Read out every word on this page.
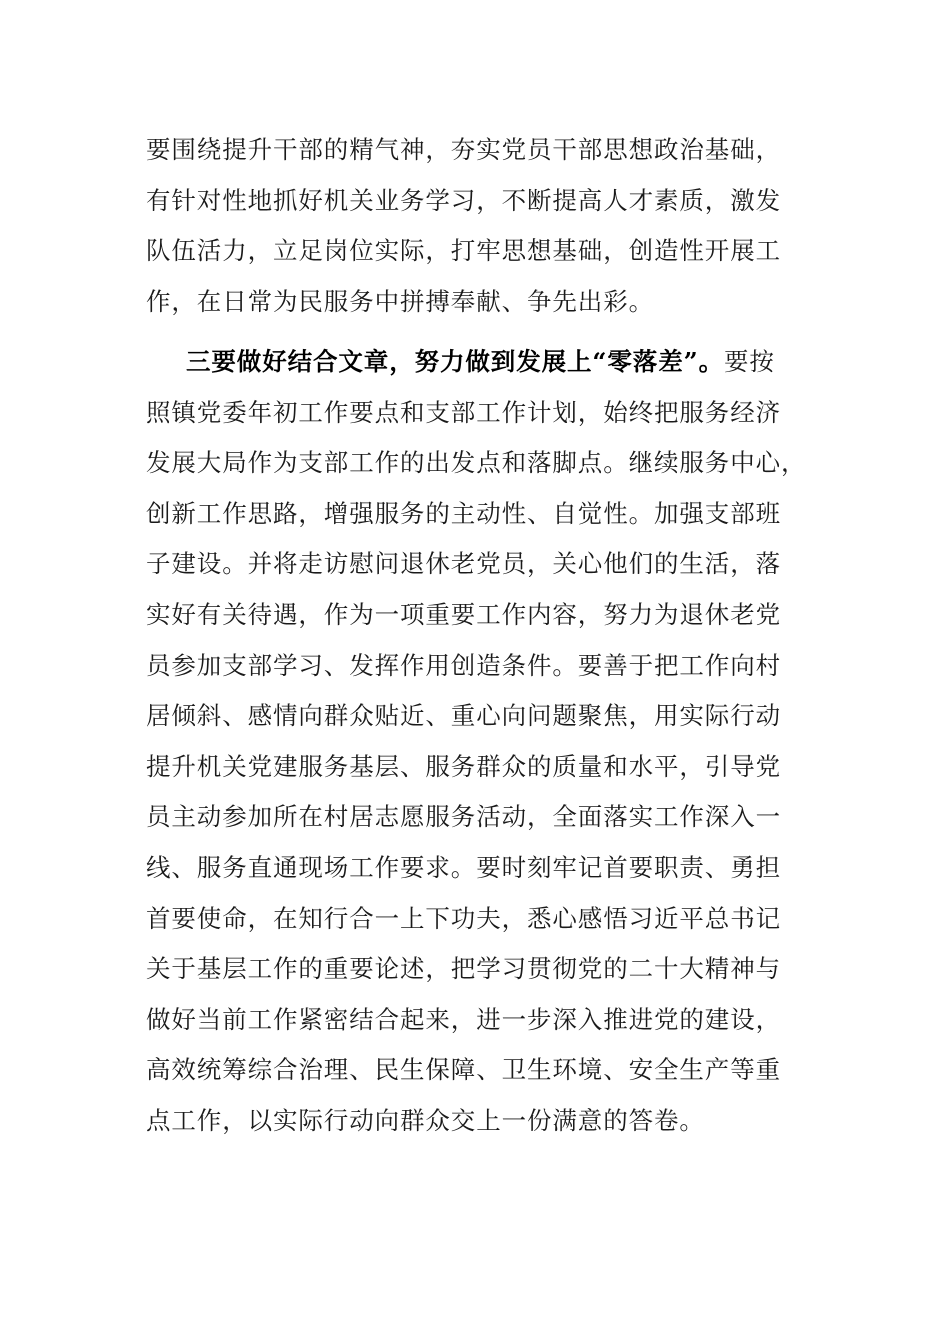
要围绕提升干部的精气神，夯实党员干部思想政治基础，
有针对性地抓好机关业务学习，不断提高人才素质，激发
队伍活力，立足岗位实际，打牢思想基础，创造性开展工
作，在日常为民服务中拼搏奉献、争先出彩。
三要做好结合文章，努力做到发展上“零落差”。要按
照镇党委年初工作要点和支部工作计划，始终把服务经济
发展大局作为支部工作的出发点和落脚点。继续服务中心，
创新工作思路，增强服务的主动性、自觉性。加强支部班
子建设。并将走访慰问退休老党员，关心他们的生活，落
实好有关待遇，作为一项重要工作内容，努力为退休老党
员参加支部学习、发挥作用创造条件。要善于把工作向村
居倾斜、感情向群众贴近、重心向问题聚焦，用实际行动
提升机关党建服务基层、服务群众的质量和水平，引导党
员主动参加所在村居志愿服务活动，全面落实工作深入一
线、服务直通现场工作要求。要时刻牢记首要职责、勇担
首要使命，在知行合一上下功夫，悉心感悟习近平总书记
关于基层工作的重要论述，把学习贯彻党的二十大精神与
做好当前工作紧密结合起来，进一步深入推进党的建设，
高效统筹综合治理、民生保障、卫生环境、安全生产等重
点工作，以实际行动向群众交上一份满意的答卷。
